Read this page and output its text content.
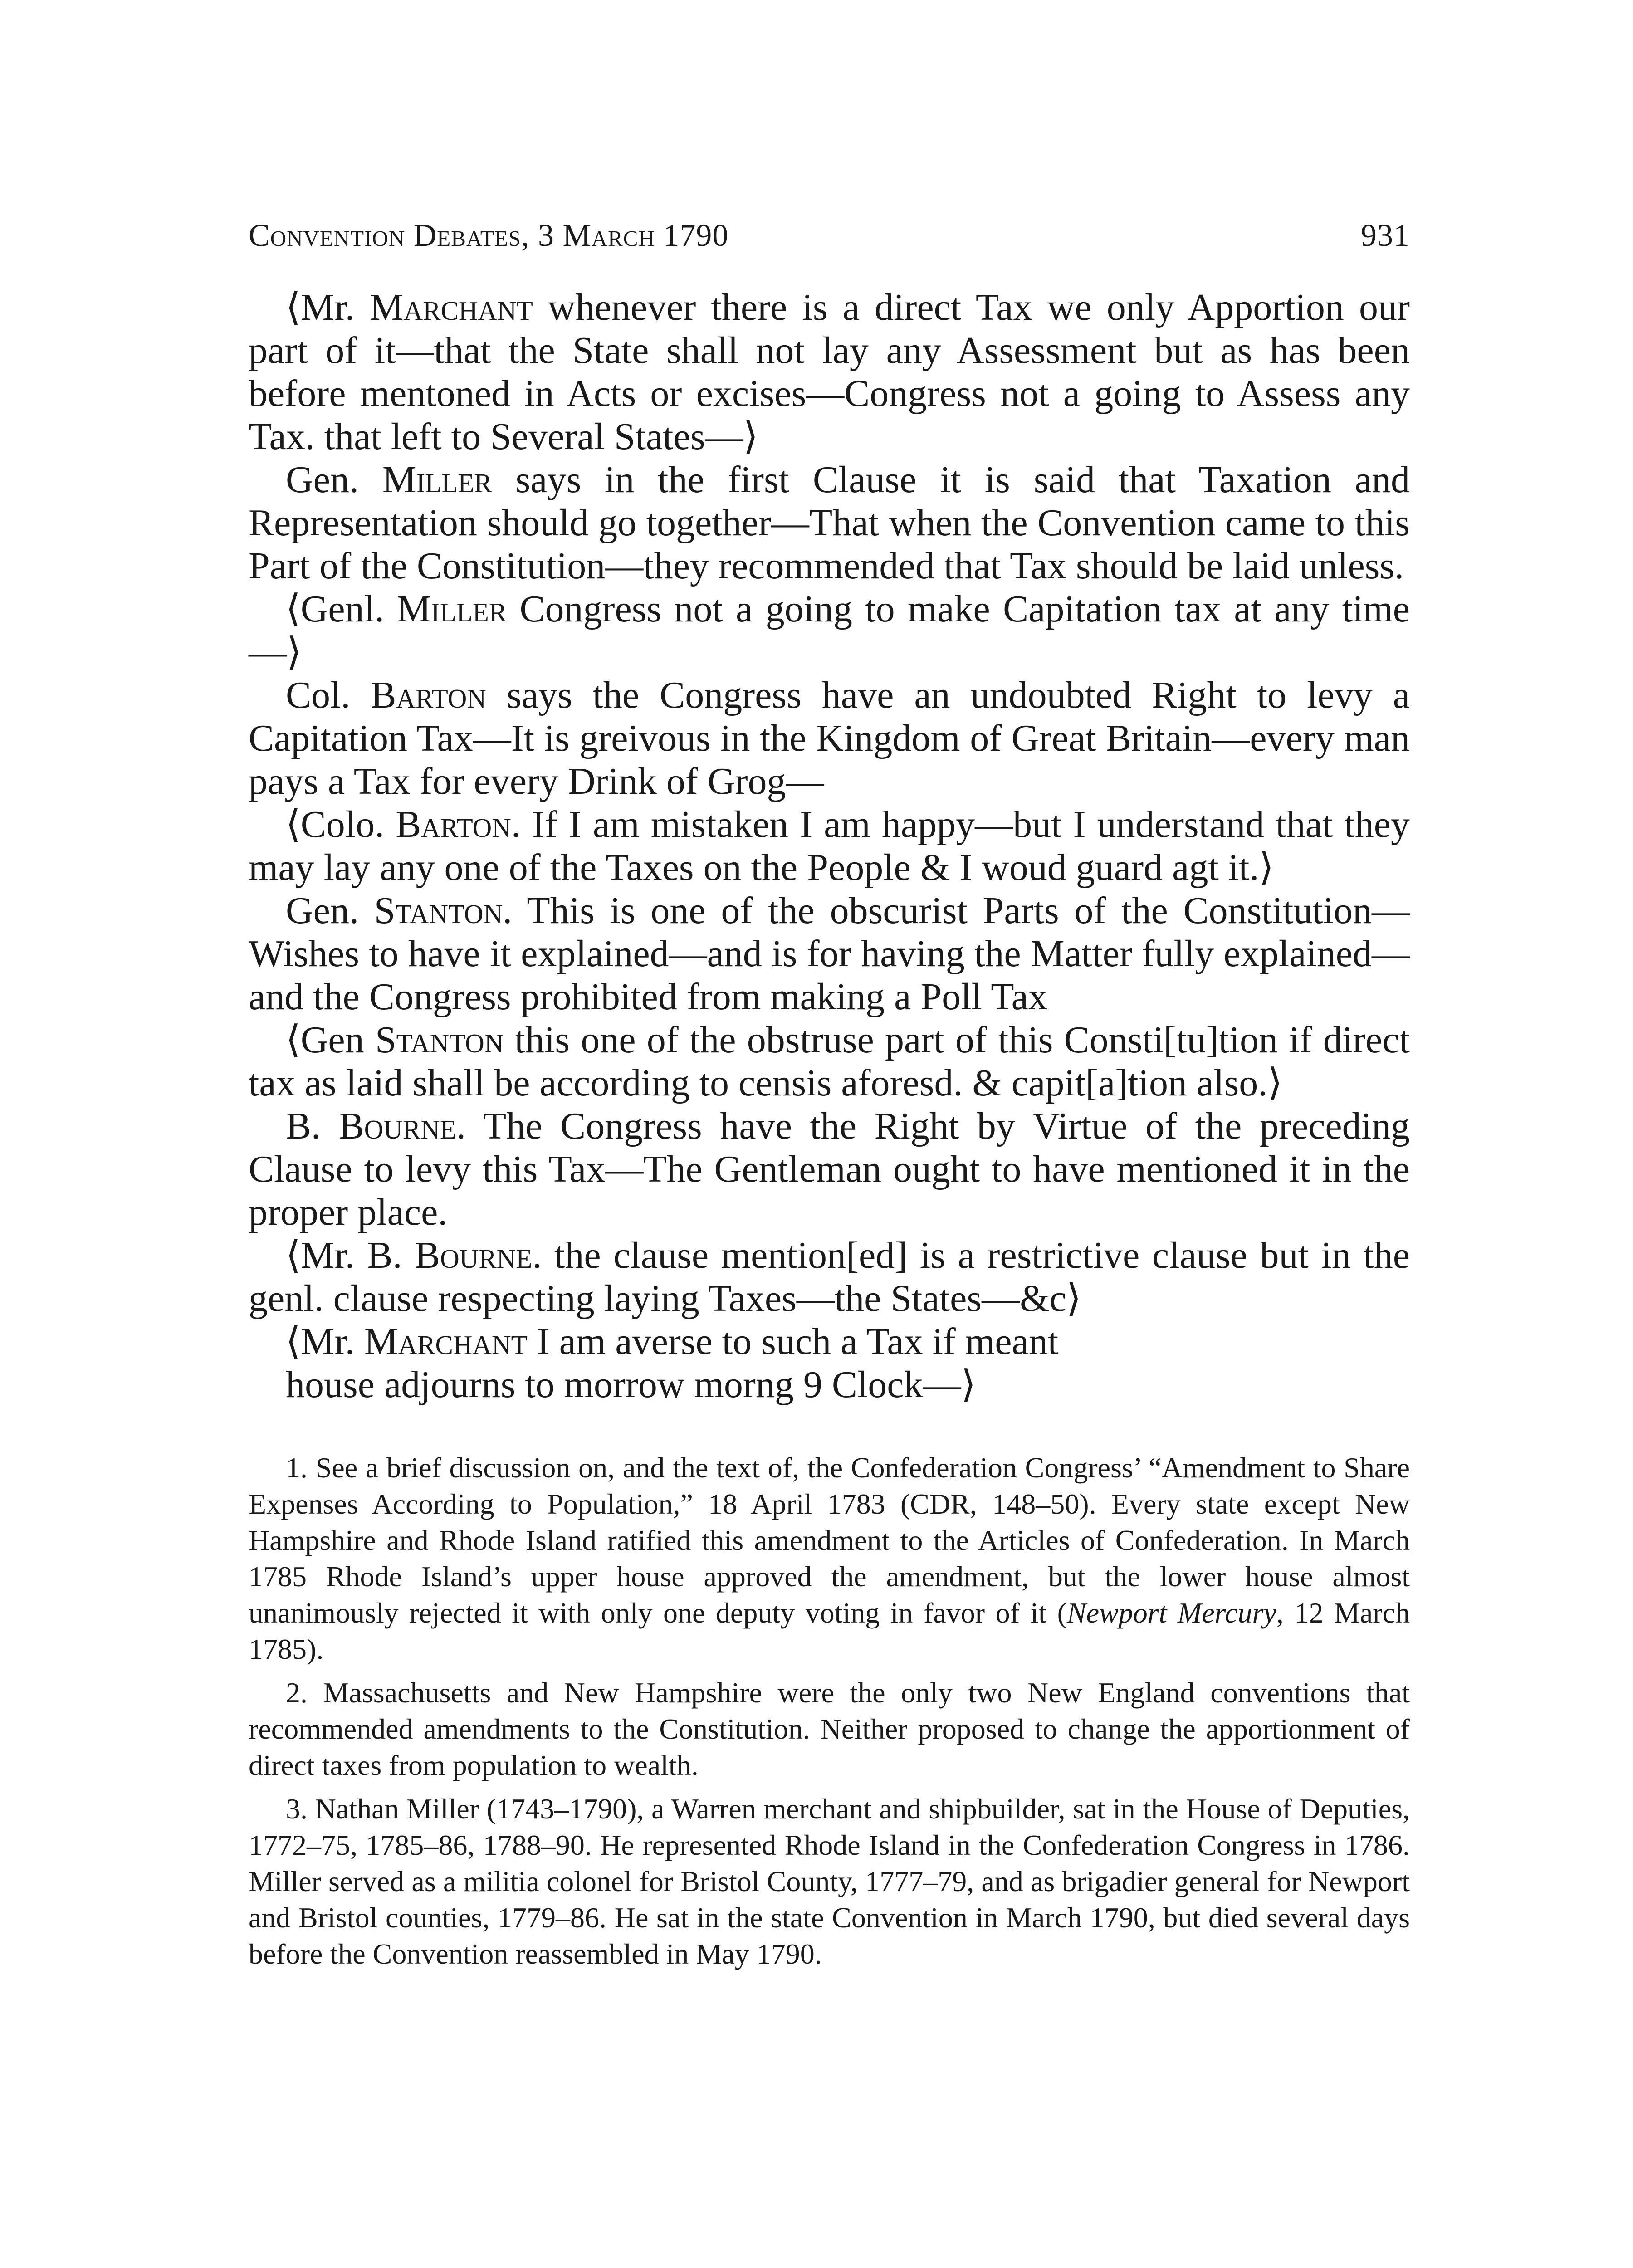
Convention Debates, 3 March 1790	931

⟨Mr. Marchant whenever there is a direct Tax we only Apportion our part of it—that the State shall not lay any Assessment but as has been before mentoned in Acts or excises—Congress not a going to Assess any Tax. that left to Several States—⟩

Gen. Miller says in the first Clause it is said that Taxation and Representation should go together—That when the Convention came to this Part of the Constitution—they recommended that Tax should be laid unless.

⟨Genl. Miller Congress not a going to make Capitation tax at any time—⟩

Col. Barton says the Congress have an undoubted Right to levy a Capitation Tax—It is greivous in the Kingdom of Great Britain—every man pays a Tax for every Drink of Grog—

⟨Colo. Barton. If I am mistaken I am happy—but I understand that they may lay any one of the Taxes on the People & I woud guard agt it.⟩

Gen. Stanton. This is one of the obscurist Parts of the Constitution—Wishes to have it explained—and is for having the Matter fully explained—and the Congress prohibited from making a Poll Tax

⟨Gen Stanton this one of the obstruse part of this Consti[tu]tion if direct tax as laid shall be according to censis aforesd. & capit[a]tion also.⟩

B. Bourne. The Congress have the Right by Virtue of the preceding Clause to levy this Tax—The Gentleman ought to have mentioned it in the proper place.

⟨Mr. B. Bourne. the clause mention[ed] is a restrictive clause but in the genl. clause respecting laying Taxes—the States—&c⟩

⟨Mr. Marchant I am averse to such a Tax if meant
house adjourns to morrow morng 9 Clock—⟩

1. See a brief discussion on, and the text of, the Confederation Congress’ “Amendment to Share Expenses According to Population,” 18 April 1783 (CDR, 148–50). Every state except New Hampshire and Rhode Island ratified this amendment to the Articles of Confederation. In March 1785 Rhode Island’s upper house approved the amendment, but the lower house almost unanimously rejected it with only one deputy voting in favor of it (Newport Mercury, 12 March 1785).

2. Massachusetts and New Hampshire were the only two New England conventions that recommended amendments to the Constitution. Neither proposed to change the apportionment of direct taxes from population to wealth.

3. Nathan Miller (1743–1790), a Warren merchant and shipbuilder, sat in the House of Deputies, 1772–75, 1785–86, 1788–90. He represented Rhode Island in the Confederation Congress in 1786. Miller served as a militia colonel for Bristol County, 1777–79, and as brigadier general for Newport and Bristol counties, 1779–86. He sat in the state Convention in March 1790, but died several days before the Convention reassembled in May 1790.
